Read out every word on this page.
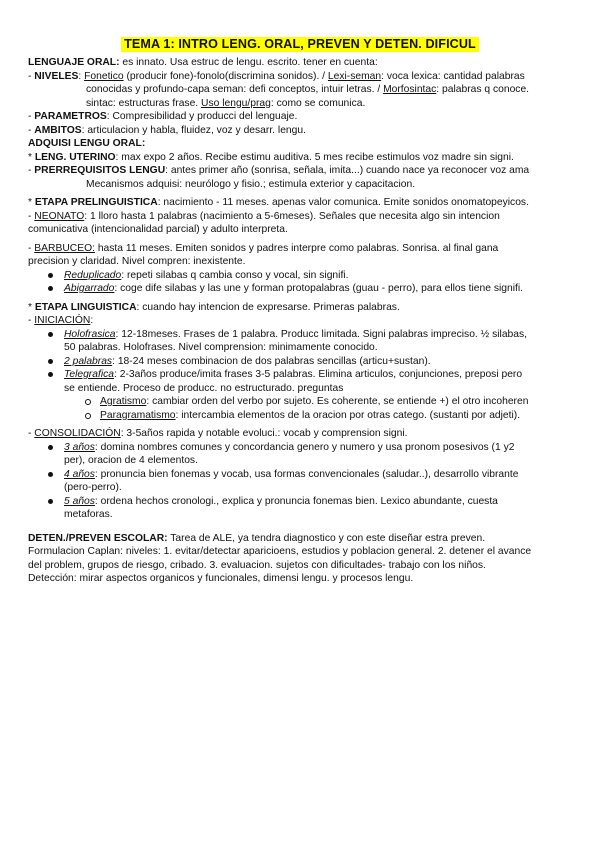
TEMA 1: INTRO LENG. ORAL, PREVEN Y DETEN. DIFICUL

LENGUAJE ORAL: es innato. Usa estruc de lengu. escrito. tener en cuenta:

- NIVELES: Fonetico (producir fone)-fonolo(discrimina sonidos). / Lexi-seman: voca lexica: cantidad palabras

conocidas y profundo-capa seman: defi conceptos, intuir letras. / Morfosintac: palabras q conoce.

sintac: estructuras frase. Uso lengu/prag: como se comunica.

- PARAMETROS: Compresibilidad y producci del lenguaje.

- AMBITOS: articulacion y habla, fluidez, voz y desarr. lengu.

ADQUISI LENGU ORAL:

* LENG. UTERINO: max expo 2 años. Recibe estimu auditiva. 5 mes recibe estimulos voz madre sin signi.

- PRERREQUISITOS LENGU: antes primer año (sonrisa, señala, imita...) cuando nace ya reconocer voz ama

Mecanismos adquisi: neurólogo y fisio.; estimula exterior y capacitacion.

* ETAPA PRELINGUISTICA: nacimiento - 11 meses. apenas valor comunica. Emite sonidos onomatopeyicos.

- NEONATO: 1 lloro hasta 1 palabras (nacimiento a 5-6meses). Señales que necesita algo sin intencion

comunicativa (intencionalidad parcial) y adulto interpreta.

- BARBUCEO: hasta 11 meses. Emiten sonidos y padres interpre como palabras. Sonrisa. al final gana

precision y claridad. Nivel compren: inexistente.

Reduplicado: repeti silabas q cambia conso y vocal, sin signifi.
Abigarrado: coge dife silabas y las une y forman protopalabras (guau - perro), para ellos tiene signifi.

* ETAPA LINGUISTICA: cuando hay intencion de expresarse. Primeras palabras.

- INICIACIÓN:

Holofrasica: 12-18meses. Frases de 1 palabra. Producc limitada. Signi palabras impreciso. ½ silabas,
50 palabras. Holofrases. Nivel comprension: minimamente conocido.
2 palabras: 18-24 meses combinacion de dos palabras sencillas (articu+sustan).
Telegrafica: 2-3años produce/imita frases 3-5 palabras. Elimina articulos, conjunciones, preposi pero
se entiende. Proceso de producc. no estructurado. preguntas
Agratismo: cambiar orden del verbo por sujeto. Es coherente, se entiende +) el otro incoheren
Paragramatismo: intercambia elementos de la oracion por otras catego. (sustanti por adjeti).

- CONSOLIDACIÓN: 3-5años rapida y notable evoluci.: vocab y comprension signi.

3 años: domina nombres comunes y concordancia genero y numero y usa pronom posesivos (1 y2
per), oracion de 4 elementos.
4 años: pronuncia bien fonemas y vocab, usa formas convencionales (saludar..), desarrollo vibrante
(pero-perro).
5 años: ordena hechos cronologi., explica y pronuncia fonemas bien. Lexico abundante, cuesta
metaforas.

DETEN./PREVEN ESCOLAR: Tarea de ALE, ya tendra diagnostico y con este diseñar estra preven.

Formulacion Caplan: niveles: 1. evitar/detectar aparicioens, estudios y poblacion general. 2. detener el avance

del problem, grupos de riesgo, cribado. 3. evaluacion. sujetos con dificultades- trabajo con los niños.

Detección: mirar aspectos organicos y funcionales, dimensi lengu. y procesos lengu.
